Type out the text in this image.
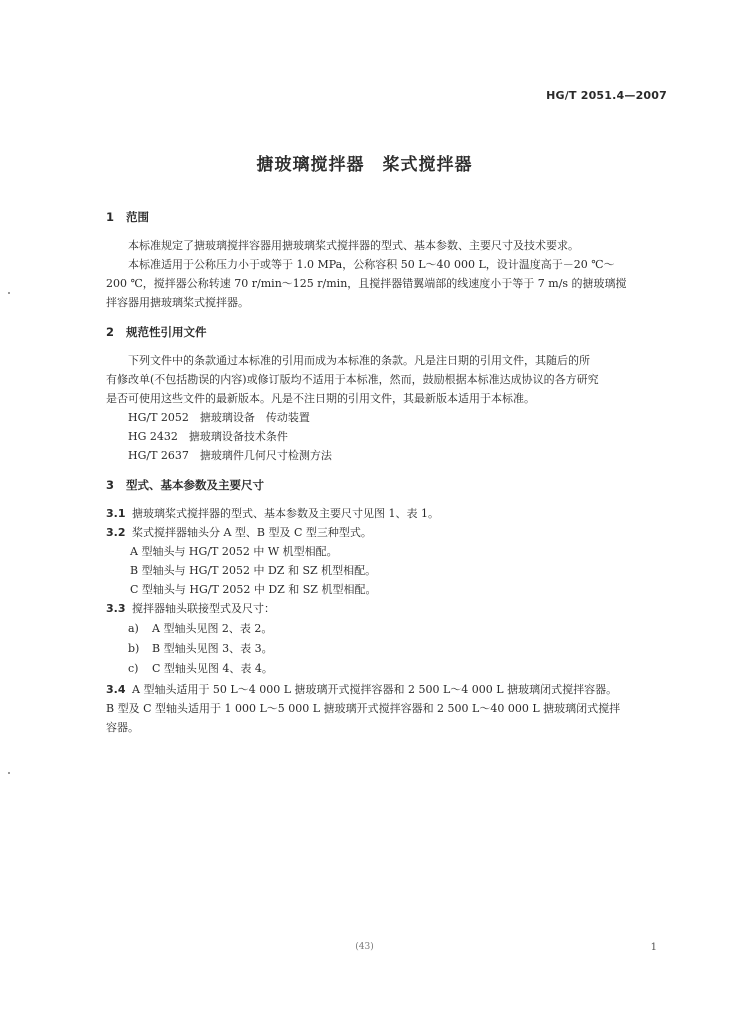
HG/T 2051.4—2007
搪玻璃搅拌器 桨式搅拌器
1 范围
本标准规定了搪玻璃搅拌容器用搪玻璃桨式搅拌器的型式、基本参数、主要尺寸及技术要求。
本标准适用于公称压力小于或等于 1.0 MPa，公称容积 50 L～40 000 L，设计温度高于－20 ℃～
200 ℃，搅拌器公称转速 70 r/min～125 r/min，且搅拌器错翼端部的线速度小于等于 7 m/s 的搪玻璃搅
拌容器用搪玻璃桨式搅拌器。
2 规范性引用文件
下列文件中的条款通过本标准的引用而成为本标准的条款。凡是注日期的引用文件，其随后的所
有修改单(不包括勘误的内容)或修订版均不适用于本标准，然而，鼓励根据本标准达成协议的各方研究
是否可使用这些文件的最新版本。凡是不注日期的引用文件，其最新版本适用于本标准。
HG/T 2052　搪玻璃设备　传动装置
HG 2432　搪玻璃设备技术条件
HG/T 2637　搪玻璃件几何尺寸检测方法
3 型式、基本参数及主要尺寸
3.1 搪玻璃桨式搅拌器的型式、基本参数及主要尺寸见图 1、表 1。
3.2 桨式搅拌器轴头分 A 型、B 型及 C 型三种型式。
A 型轴头与 HG/T 2052 中 W 机型相配。
B 型轴头与 HG/T 2052 中 DZ 和 SZ 机型相配。
C 型轴头与 HG/T 2052 中 DZ 和 SZ 机型相配。
3.3 搅拌器轴头联接型式及尺寸：
a) A 型轴头见图 2、表 2。
b) B 型轴头见图 3、表 3。
c) C 型轴头见图 4、表 4。
3.4 A 型轴头适用于 50 L～4 000 L 搪玻璃开式搅拌容器和 2 500 L～4 000 L 搪玻璃闭式搅拌容器。
B 型及 C 型轴头适用于 1 000 L～5 000 L 搪玻璃开式搅拌容器和 2 500 L～40 000 L 搪玻璃闭式搅拌
容器。
(43)	1
